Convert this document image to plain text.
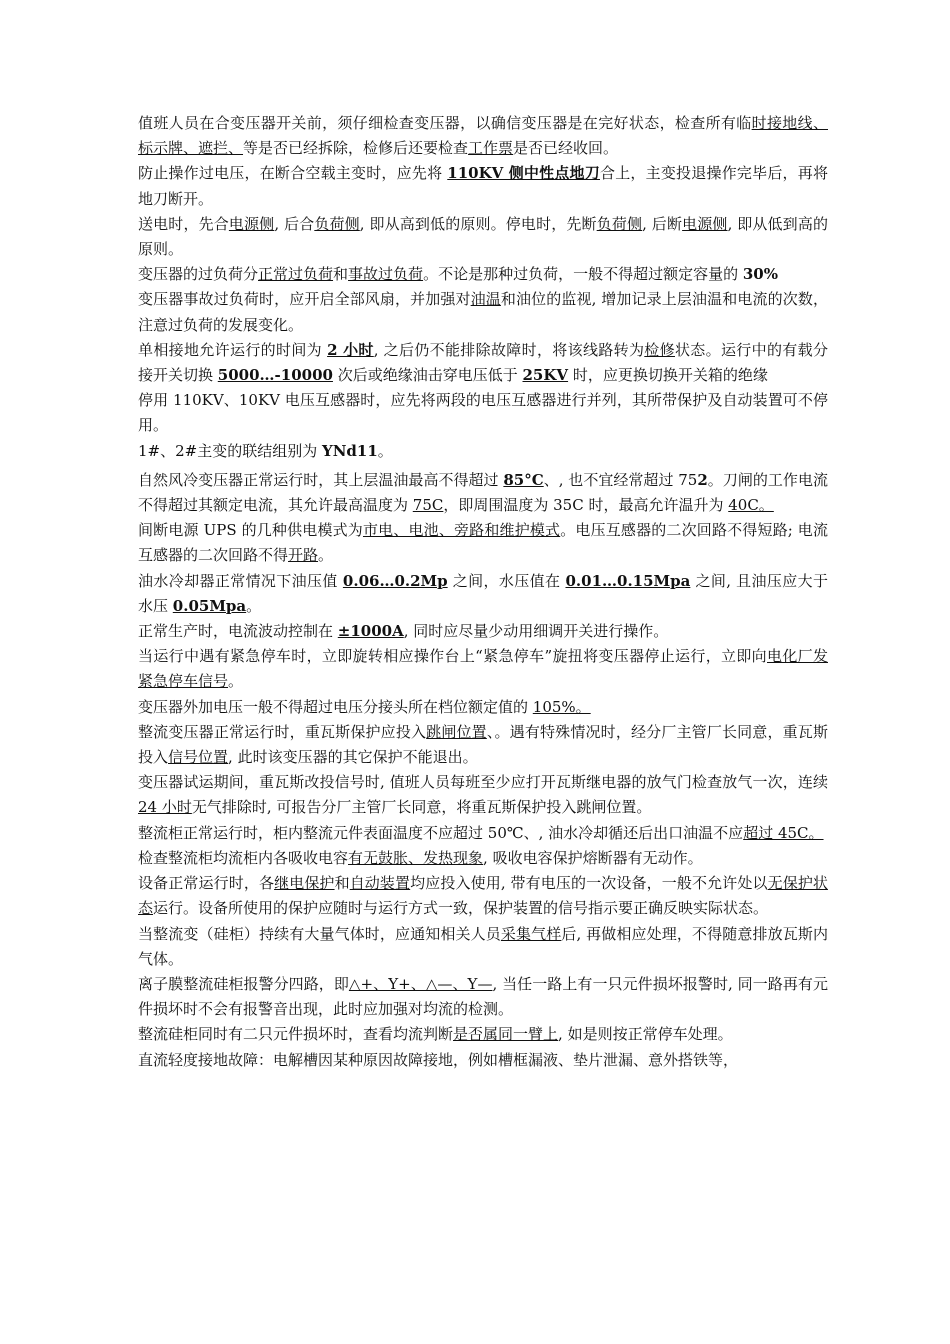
值班人员在合变压器开关前，须仔细检查变压器，以确信变压器是在完好状态，检查所有临时接地线、标示牌、遮拦、等是否已经拆除，检修后还要检查工作票是否已经收回。

防止操作过电压，在断合空载主变时，应先将 110KV 侧中性点地刀合上，主变投退操作完毕后，再将地刀断开。

送电时，先合电源侧, 后合负荷侧, 即从高到低的原则。停电时，先断负荷侧, 后断电源侧, 即从低到高的原则。

变压器的过负荷分正常过负荷和事故过负荷。不论是那种过负荷，一般不得超过额定容量的 30%

变压器事故过负荷时，应开启全部风扇，并加强对油温和油位的监视, 增加记录上层油温和电流的次数，注意过负荷的发展变化。

单相接地允许运行的时间为 2 小时, 之后仍不能排除故障时，将该线路转为检修状态。运行中的有载分接开关切换 5000…-10000 次后或绝缘油击穿电压低于 25KV 时，应更换切换开关箱的绝缘

停用 110KV、10KV 电压互感器时，应先将两段的电压互感器进行并列，其所带保护及自动装置可不停用。

1#、2#主变的联结组别为 YNd11。

自然风冷变压器正常运行时，其上层温油最高不得超过 85°C、, 也不宜经常超过 752。刀闸的工作电流不得超过其额定电流，其允许最高温度为 75C，即周围温度为 35C 时，最高允许温升为 40C。

间断电源 UPS 的几种供电模式为市电、电池、旁路和维护模式。电压互感器的二次回路不得短路; 电流互感器的二次回路不得开路。

油水冷却器正常情况下油压值 0.06…0.2Mp 之间，水压值在 0.01…0.15Mpa 之间, 且油压应大于水压 0.05Mpa。

正常生产时，电流波动控制在 ±1000A, 同时应尽量少动用细调开关进行操作。

当运行中遇有紧急停车时，立即旋转相应操作台上“紧急停车”旋扭将变压器停止运行，立即向电化厂发紧急停车信号。

变压器外加电压一般不得超过电压分接头所在档位额定值的 105%。

整流变压器正常运行时，重瓦斯保护应投入跳闸位置、。遇有特殊情况时，经分厂主管厂长同意，重瓦斯投入信号位置, 此时该变压器的其它保护不能退出。

变压器试运期间，重瓦斯改投信号时, 值班人员每班至少应打开瓦斯继电器的放气门检查放气一次，连续 24 小时无气排除时, 可报告分厂主管厂长同意，将重瓦斯保护投入跳闸位置。

整流柜正常运行时，柜内整流元件表面温度不应超过 50℃、, 油水冷却循还后出口油温不应超过 45C。

检查整流柜均流柜内各吸收电容有无鼓胀、发热现象, 吸收电容保护熔断器有无动作。

设备正常运行时，各继电保护和自动装置均应投入使用, 带有电压的一次设备，一般不允许处以无保护状态运行。设备所使用的保护应随时与运行方式一致，保护装置的信号指示要正确反映实际状态。

当整流变（硅柜）持续有大量气体时，应通知相关人员采集气样后, 再做相应处理，不得随意排放瓦斯内气体。

离子膜整流硅柜报警分四路，即△+、Y+、△—、Y—, 当任一路上有一只元件损坏报警时, 同一路再有元件损坏时不会有报警音出现，此时应加强对均流的检测。

整流硅柜同时有二只元件损坏时，查看均流判断是否属同一臂上, 如是则按正常停车处理。

直流轻度接地故障：电解槽因某种原因故障接地，例如槽框漏液、垫片泄漏、意外搭铁等，
